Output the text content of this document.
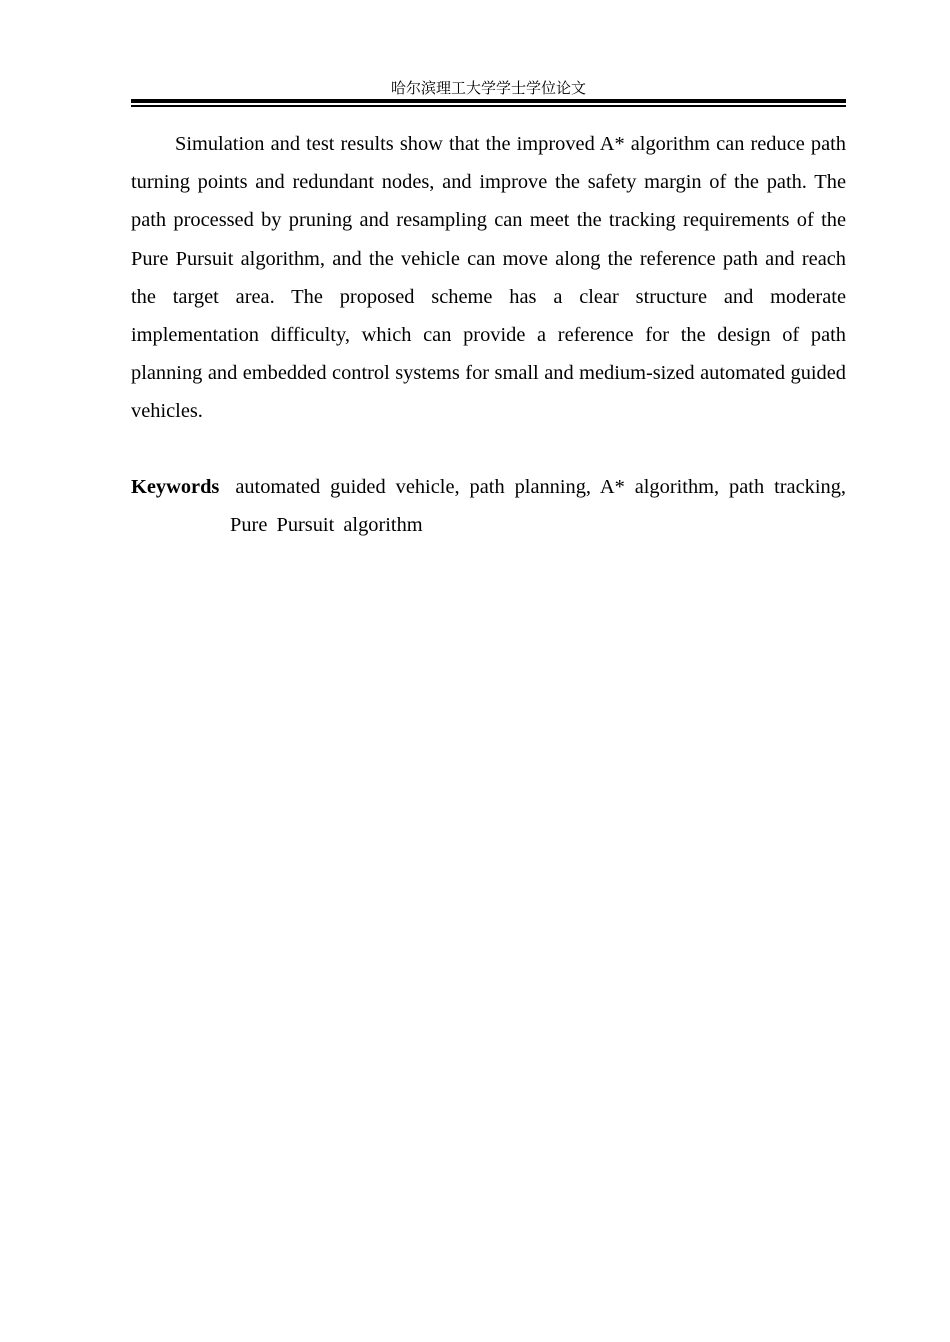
哈尔滨理工大学学士学位论文

Simulation and test results show that the improved A* algorithm can reduce path turning points and redundant nodes, and improve the safety margin of the path. The path processed by pruning and resampling can meet the tracking requirements of the Pure Pursuit algorithm, and the vehicle can move along the reference path and reach the target area. The proposed scheme has a clear structure and moderate implementation difficulty, which can provide a reference for the design of path planning and embedded control systems for small and medium-sized automated guided vehicles.

Keywords automated guided vehicle, path planning, A* algorithm, path tracking, Pure Pursuit algorithm
